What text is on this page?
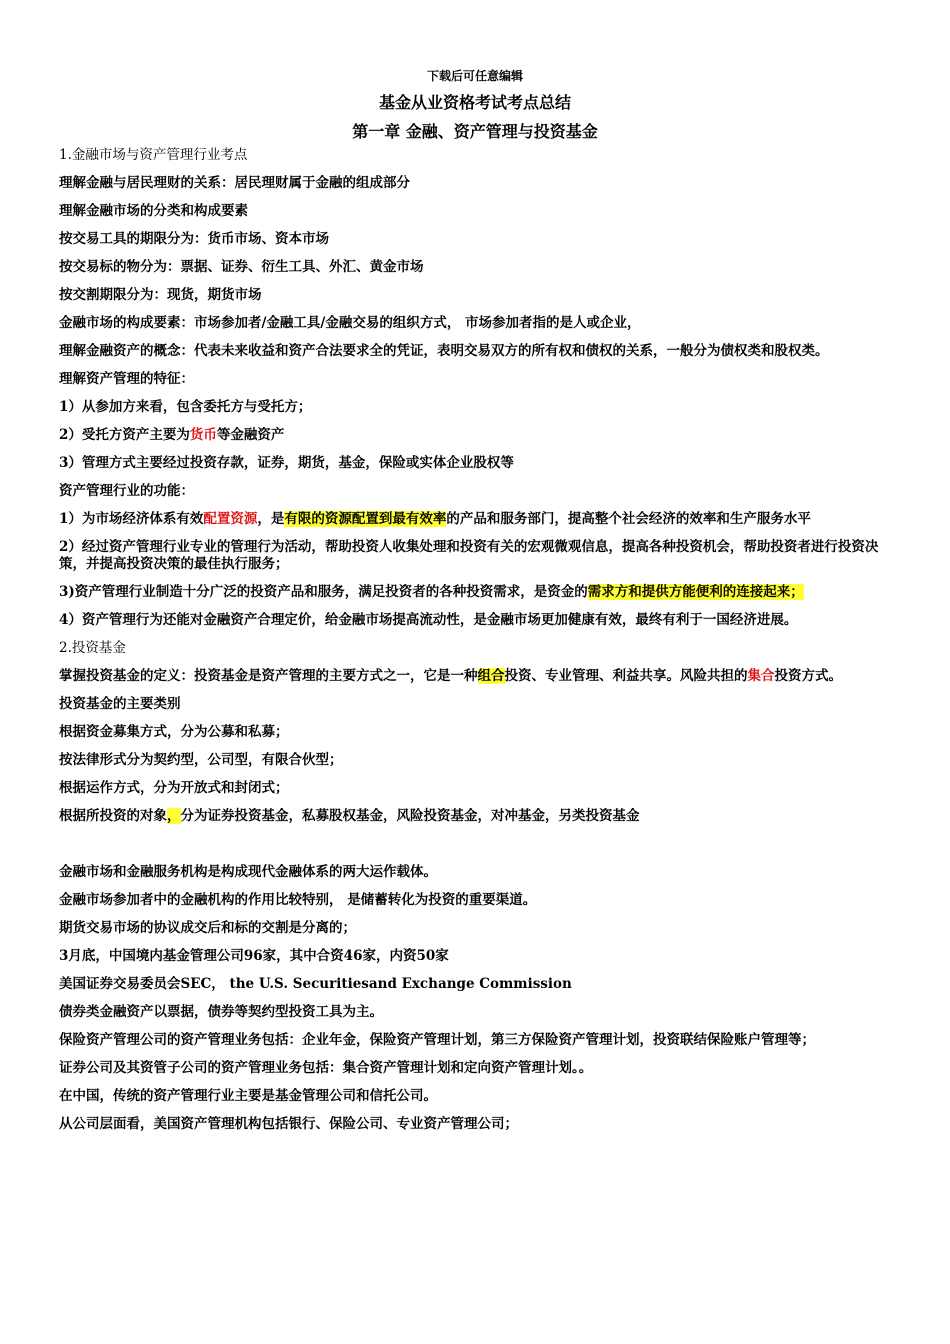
下载后可任意编辑
基金从业资格考试考点总结
第一章 金融、资产管理与投资基金

1.金融市场与资产管理行业考点

理解金融与居民理财的关系：居民理财属于金融的组成部分

理解金融市场的分类和构成要素

按交易工具的期限分为：货币市场、资本市场

按交易标的物分为：票据、证券、衍生工具、外汇、黄金市场

按交割期限分为：现货，期货市场

金融市场的构成要素：市场参加者/金融工具/金融交易的组织方式， 市场参加者指的是人或企业，

理解金融资产的概念：代表未来收益和资产合法要求全的凭证，表明交易双方的所有权和债权的关系，一般分为债权类和股权类。

理解资产管理的特征：

1）从参加方来看，包含委托方与受托方；

2）受托方资产主要为货币等金融资产

3）管理方式主要经过投资存款，证券，期货，基金，保险或实体企业股权等

资产管理行业的功能：

1）为市场经济体系有效配置资源，是有限的资源配置到最有效率的产品和服务部门，提高整个社会经济的效率和生产服务水平

2）经过资产管理行业专业的管理行为活动，帮助投资人收集处理和投资有关的宏观微观信息，提高各种投资机会，帮助投资者进行投资决策，并提高投资决策的最佳执行服务；

3)资产管理行业制造十分广泛的投资产品和服务，满足投资者的各种投资需求，是资金的需求方和提供方能便利的连接起来；

4）资产管理行为还能对金融资产合理定价，给金融市场提高流动性，是金融市场更加健康有效，最终有利于一国经济进展。

2.投资基金

掌握投资基金的定义：投资基金是资产管理的主要方式之一，它是一种组合投资、专业管理、利益共享。风险共担的集合投资方式。

投资基金的主要类别

根据资金募集方式，分为公募和私募；

按法律形式分为契约型，公司型，有限合伙型；

根据运作方式，分为开放式和封闭式；

根据所投资的对象，分为证券投资基金，私募股权基金，风险投资基金，对冲基金，另类投资基金

金融市场和金融服务机构是构成现代金融体系的两大运作载体。

金融市场参加者中的金融机构的作用比较特别， 是储蓄转化为投资的重要渠道。

期货交易市场的协议成交后和标的交割是分离的；

3月底，中国境内基金管理公司96家，其中合资46家，内资50家

美国证券交易委员会SEC， the U.S. Securitiesand Exchange Commission

债券类金融资产以票据，债券等契约型投资工具为主。

保险资产管理公司的资产管理业务包括：企业年金，保险资产管理计划，第三方保险资产管理计划，投资联结保险账户管理等；

证券公司及其资管子公司的资产管理业务包括：集合资产管理计划和定向资产管理计划。。

在中国，传统的资产管理行业主要是基金管理公司和信托公司。

从公司层面看，美国资产管理机构包括银行、保险公司、专业资产管理公司；
